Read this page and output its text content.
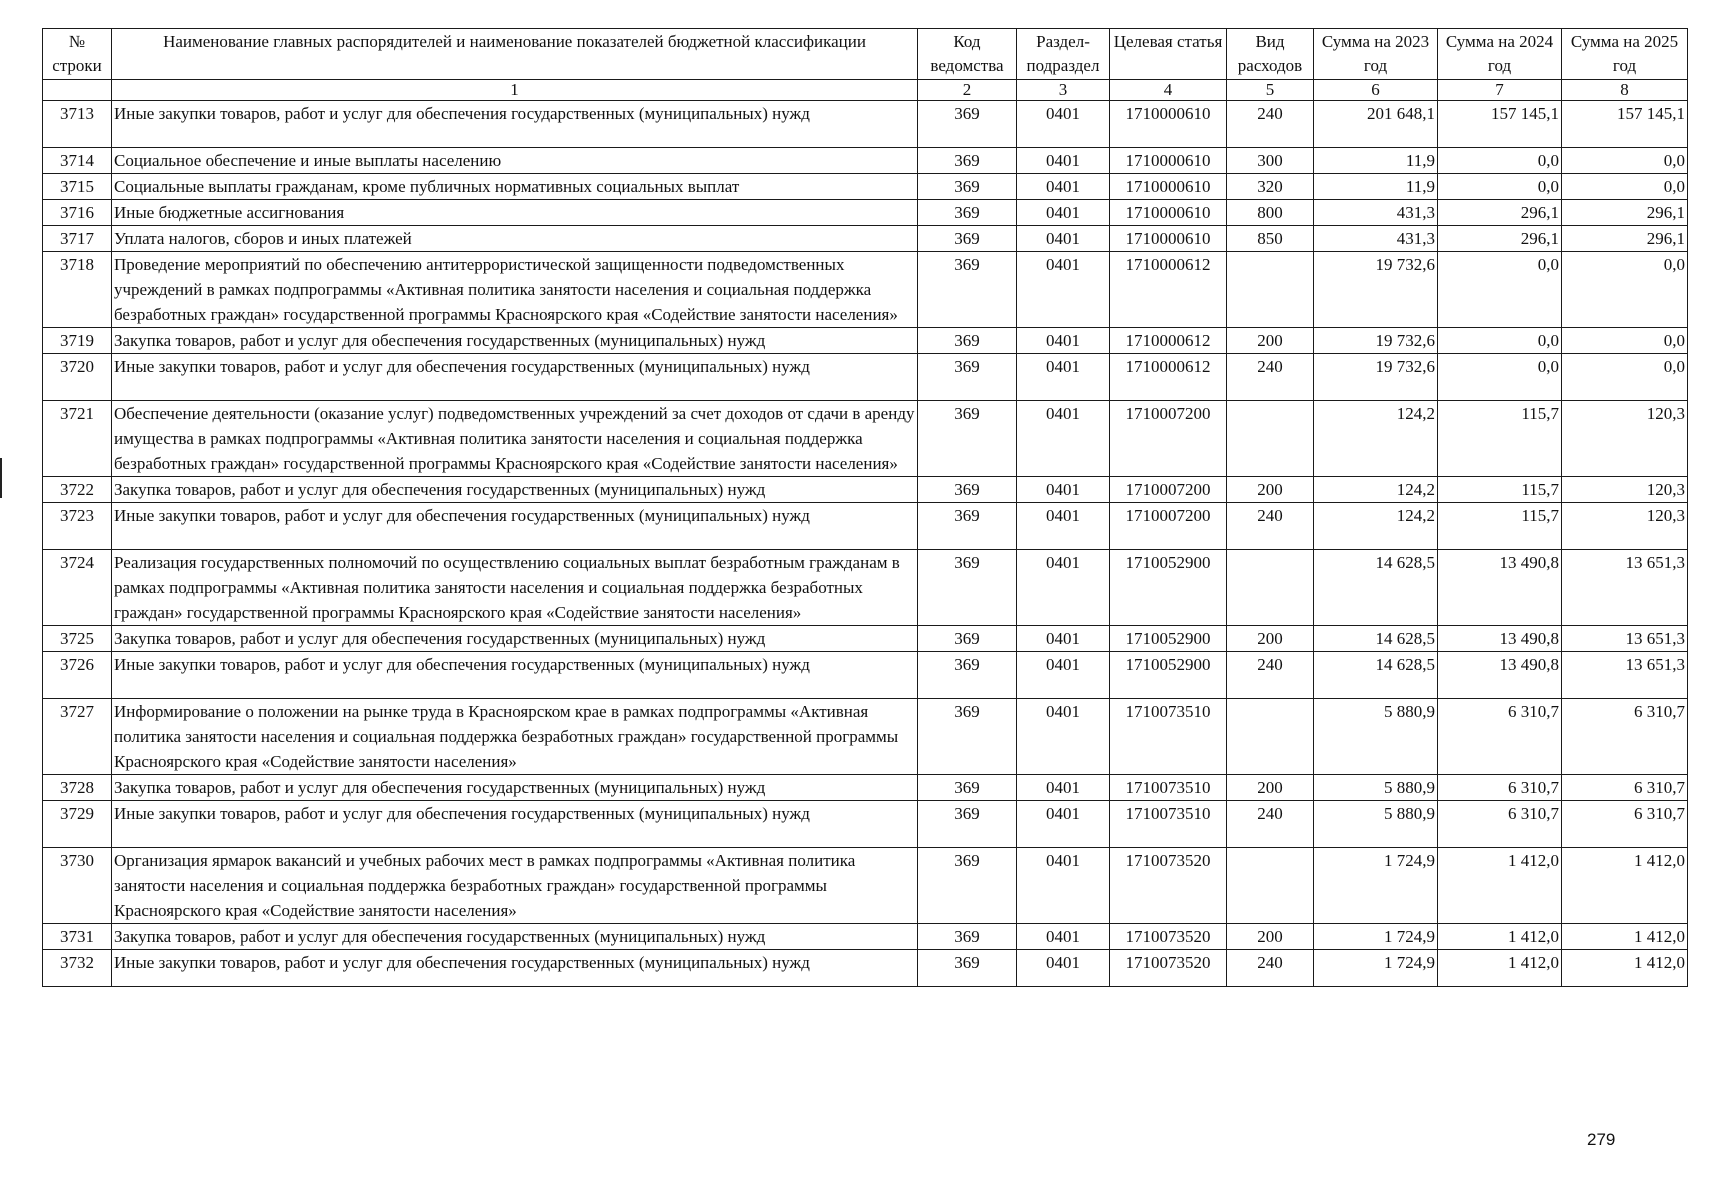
№ строки	Наименование главных распорядителей и наименование показателей бюджетной классификации	Код ведомства	Раздел-подраздел	Целевая статья	Вид расходов	Сумма на 2023 год	Сумма на 2024 год	Сумма на 2025 год
	1	2	3	4	5	6	7	8
3713	Иные закупки товаров, работ и услуг для обеспечения государственных (муниципальных) нужд	369	0401	1710000610	240	201 648,1	157 145,1	157 145,1
3714	Социальное обеспечение и иные выплаты населению	369	0401	1710000610	300	11,9	0,0	0,0
3715	Социальные выплаты гражданам, кроме публичных нормативных социальных выплат	369	0401	1710000610	320	11,9	0,0	0,0
3716	Иные бюджетные ассигнования	369	0401	1710000610	800	431,3	296,1	296,1
3717	Уплата налогов, сборов и иных платежей	369	0401	1710000610	850	431,3	296,1	296,1
3718	Проведение мероприятий по обеспечению антитеррористической защищенности подведомственных учреждений в рамках подпрограммы «Активная политика занятости населения и социальная поддержка безработных граждан» государственной программы Красноярского края «Содействие занятости населения»	369	0401	1710000612		19 732,6	0,0	0,0
3719	Закупка товаров, работ и услуг для обеспечения государственных (муниципальных) нужд	369	0401	1710000612	200	19 732,6	0,0	0,0
3720	Иные закупки товаров, работ и услуг для обеспечения государственных (муниципальных) нужд	369	0401	1710000612	240	19 732,6	0,0	0,0
3721	Обеспечение деятельности (оказание услуг) подведомственных учреждений за счет доходов от сдачи в аренду имущества в рамках подпрограммы «Активная политика занятости населения и социальная поддержка безработных граждан» государственной программы Красноярского края «Содействие занятости населения»	369	0401	1710007200		124,2	115,7	120,3
3722	Закупка товаров, работ и услуг для обеспечения государственных (муниципальных) нужд	369	0401	1710007200	200	124,2	115,7	120,3
3723	Иные закупки товаров, работ и услуг для обеспечения государственных (муниципальных) нужд	369	0401	1710007200	240	124,2	115,7	120,3
3724	Реализация государственных полномочий по осуществлению социальных выплат безработным гражданам в рамках подпрограммы «Активная политика занятости населения и социальная поддержка безработных граждан» государственной программы Красноярского края «Содействие занятости населения»	369	0401	1710052900		14 628,5	13 490,8	13 651,3
3725	Закупка товаров, работ и услуг для обеспечения государственных (муниципальных) нужд	369	0401	1710052900	200	14 628,5	13 490,8	13 651,3
3726	Иные закупки товаров, работ и услуг для обеспечения государственных (муниципальных) нужд	369	0401	1710052900	240	14 628,5	13 490,8	13 651,3
3727	Информирование о положении на рынке труда в Красноярском крае в рамках подпрограммы «Активная политика занятости населения и социальная поддержка безработных граждан» государственной программы Красноярского края «Содействие занятости населения»	369	0401	1710073510		5 880,9	6 310,7	6 310,7
3728	Закупка товаров, работ и услуг для обеспечения государственных (муниципальных) нужд	369	0401	1710073510	200	5 880,9	6 310,7	6 310,7
3729	Иные закупки товаров, работ и услуг для обеспечения государственных (муниципальных) нужд	369	0401	1710073510	240	5 880,9	6 310,7	6 310,7
3730	Организация ярмарок вакансий и учебных рабочих мест в рамках подпрограммы «Активная политика занятости населения и социальная поддержка безработных граждан» государственной программы Красноярского края «Содействие занятости населения»	369	0401	1710073520		1 724,9	1 412,0	1 412,0
3731	Закупка товаров, работ и услуг для обеспечения государственных (муниципальных) нужд	369	0401	1710073520	200	1 724,9	1 412,0	1 412,0
3732	Иные закупки товаров, работ и услуг для обеспечения государственных (муниципальных) нужд	369	0401	1710073520	240	1 724,9	1 412,0	1 412,0
279
